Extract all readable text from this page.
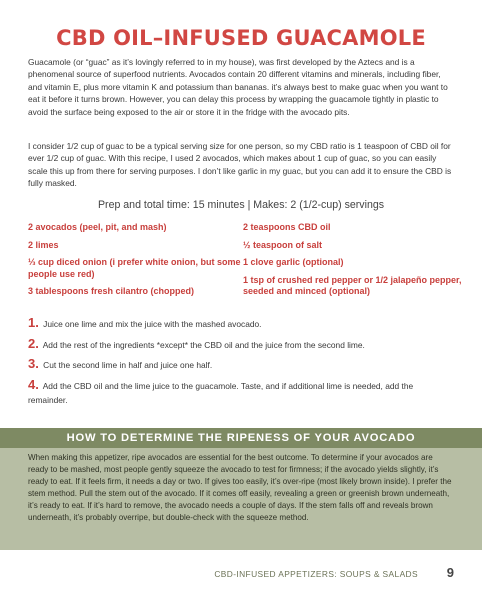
CBD OIL–INFUSED GUACAMOLE

Guacamole (or “guac” as it’s lovingly referred to in my house), was first developed by the Aztecs and is a phenomenal source of superfood nutrients. Avocados contain 20 different vitamins and minerals, including fiber, and vitamin E, plus more vitamin K and potassium than bananas. it’s always best to make guac when you want to eat it before it turns brown. However, you can delay this process by wrapping the guacamole tightly in plastic to avoid the surface being exposed to the air or store it in the fridge with the avocado pits.

I consider 1/2 cup of guac to be a typical serving size for one person, so my CBD ratio is 1 teaspoon of CBD oil for ever 1/2 cup of guac. With this recipe, I used 2 avocados, which makes about 1 cup of guac, so you can easily scale this up from there for serving purposes. I don’t like garlic in my guac, but you can add it to ensure the CBD is fully masked.

Prep and total time: 15 minutes | Makes: 2 (1/2-cup) servings
2 avocados (peel, pit, and mash)
2 limes
⅓ cup diced onion (i prefer white onion, but some people use red)
3 tablespoons fresh cilantro (chopped)
2 teaspoons CBD oil
½ teaspoon of salt
1 clove garlic (optional)
1 tsp of crushed red pepper or 1/2 jalapeño pepper, seeded and minced (optional)
1. Juice one lime and mix the juice with the mashed avocado.
2. Add the rest of the ingredients *except* the CBD oil and the juice from the second lime.
3. Cut the second lime in half and juice one half.
4. Add the CBD oil and the lime juice to the guacamole. Taste, and if additional lime is needed, add the remainder.
HOW TO DETERMINE THE RIPENESS OF YOUR AVOCADO

When making this appetizer, ripe avocados are essential for the best outcome. To determine if your avocados are ready to be mashed, most people gently squeeze the avocado to test for firmness; if the avocado yields slightly, it’s ready to eat. If it feels firm, it needs a day or two. If gives too easily, it’s over-ripe (most likely brown inside). I prefer the stem method. Pull the stem out of the avocado. If it comes off easily, revealing a green or greenish brown underneath, it’s ready to eat. If it’s hard to remove, the avocado needs a couple of days. If the stem falls off and reveals brown underneath, it’s probably overripe, but double-check with the squeeze method.

CBD-INFUSED APPETIZERS: SOUPS & SALADS 9
